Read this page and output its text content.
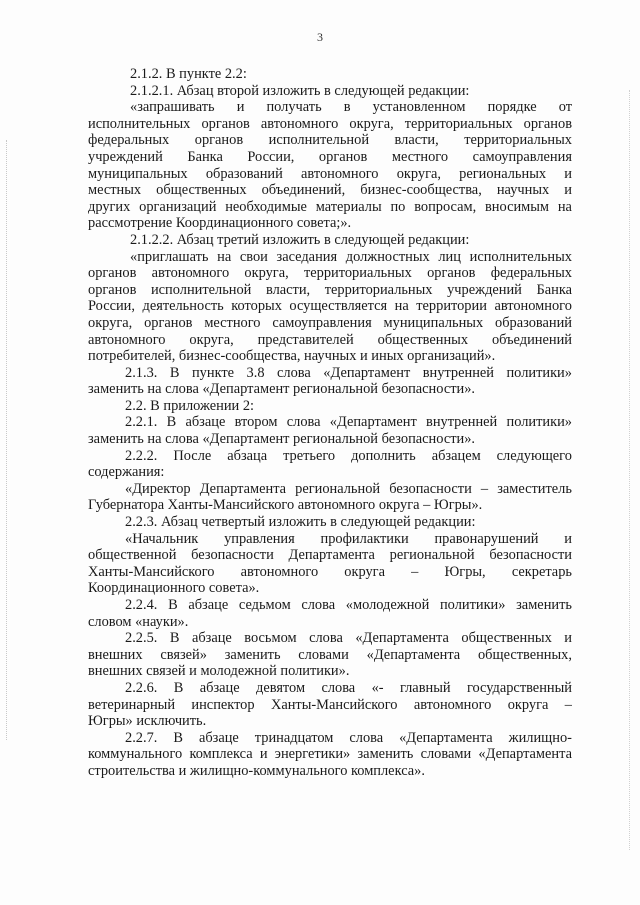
3
2.1.2. В пункте 2.2:
2.1.2.1. Абзац второй изложить в следующей редакции:
«запрашивать и получать в установленном порядке от
исполнительных органов автономного округа, территориальных органов
федеральных органов исполнительной власти, территориальных
учреждений Банка России, органов местного самоуправления
муниципальных образований автономного округа, региональных и
местных общественных объединений, бизнес-сообщества, научных и
других организаций необходимые материалы по вопросам, вносимым на
рассмотрение Координационного совета;».
2.1.2.2. Абзац третий изложить в следующей редакции:
«приглашать на свои заседания должностных лиц исполнительных
органов автономного округа, территориальных органов федеральных
органов исполнительной власти, территориальных учреждений Банка
России, деятельность которых осуществляется на территории автономного
округа, органов местного самоуправления муниципальных образований
автономного округа, представителей общественных объединений
потребителей, бизнес-сообщества, научных и иных организаций».
2.1.3. В пункте 3.8 слова «Департамент внутренней политики»
заменить на слова «Департамент региональной безопасности».
2.2. В приложении 2:
2.2.1. В абзаце втором слова «Департамент внутренней политики»
заменить на слова «Департамент региональной безопасности».
2.2.2. После абзаца третьего дополнить абзацем следующего
содержания:
«Директор Департамента региональной безопасности – заместитель
Губернатора Ханты-Мансийского автономного округа – Югры».
2.2.3. Абзац четвертый изложить в следующей редакции:
«Начальник управления профилактики правонарушений и
общественной безопасности Департамента региональной безопасности
Ханты-Мансийского автономного округа – Югры, секретарь
Координационного совета».
2.2.4. В абзаце седьмом слова «молодежной политики» заменить
словом «науки».
2.2.5. В абзаце восьмом слова «Департамента общественных и
внешних связей» заменить словами «Департамента общественных,
внешних связей и молодежной политики».
2.2.6. В абзаце девятом слова «- главный государственный
ветеринарный инспектор Ханты-Мансийского автономного округа –
Югры» исключить.
2.2.7. В абзаце тринадцатом слова «Департамента жилищно-
коммунального комплекса и энергетики» заменить словами «Департамента
строительства и жилищно-коммунального комплекса».
